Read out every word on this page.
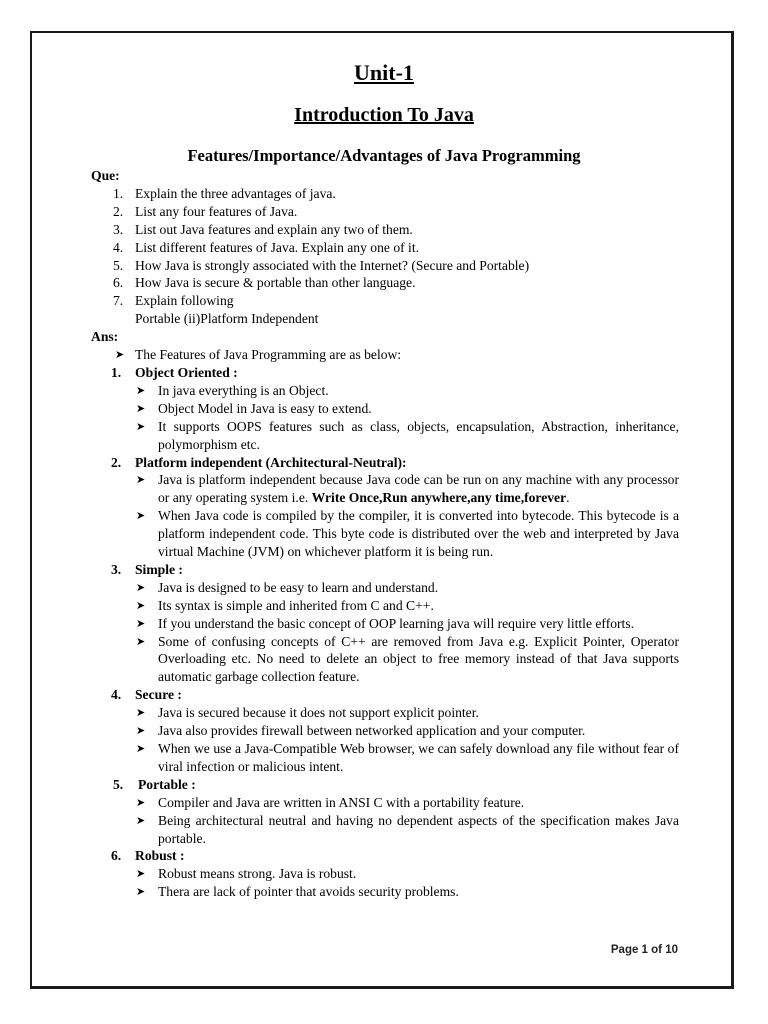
Unit-1
Introduction To Java
Features/Importance/Advantages of Java Programming
Que:
1. Explain the three advantages of java.
2. List any four features of Java.
3. List out Java features and explain any two of them.
4. List different features of Java. Explain any one of it.
5. How Java is strongly associated with the Internet? (Secure and Portable)
6. How Java is secure & portable than other language.
7. Explain following
Portable (ii)Platform Independent
Ans:
➤ The Features of Java Programming are as below:
1. Object Oriented :
➤ In java everything is an Object.
➤ Object Model in Java is easy to extend.
➤ It supports OOPS features such as class, objects, encapsulation, Abstraction, inheritance, polymorphism etc.
2. Platform independent (Architectural-Neutral):
➤ Java is platform independent because Java code can be run on any machine with any processor or any operating system i.e. Write Once,Run anywhere,any time,forever.
➤ When Java code is compiled by the compiler, it is converted into bytecode. This bytecode is a platform independent code. This byte code is distributed over the web and interpreted by Java virtual Machine (JVM) on whichever platform it is being run.
3. Simple :
➤ Java is designed to be easy to learn and understand.
➤ Its syntax is simple and inherited from C and C++.
➤ If you understand the basic concept of OOP learning java will require very little efforts.
➤ Some of confusing concepts of C++ are removed from Java e.g. Explicit Pointer, Operator Overloading etc. No need to delete an object to free memory instead of that Java supports automatic garbage collection feature.
4. Secure :
➤ Java is secured because it does not support explicit pointer.
➤ Java also provides firewall between networked application and your computer.
➤ When we use a Java-Compatible Web browser, we can safely download any file without fear of viral infection or malicious intent.
5. Portable :
➤ Compiler and Java are written in ANSI C with a portability feature.
➤ Being architectural neutral and having no dependent aspects of the specification makes Java portable.
6. Robust :
➤ Robust means strong. Java is robust.
➤ Thera are lack of pointer that avoids security problems.
Page 1 of 10
